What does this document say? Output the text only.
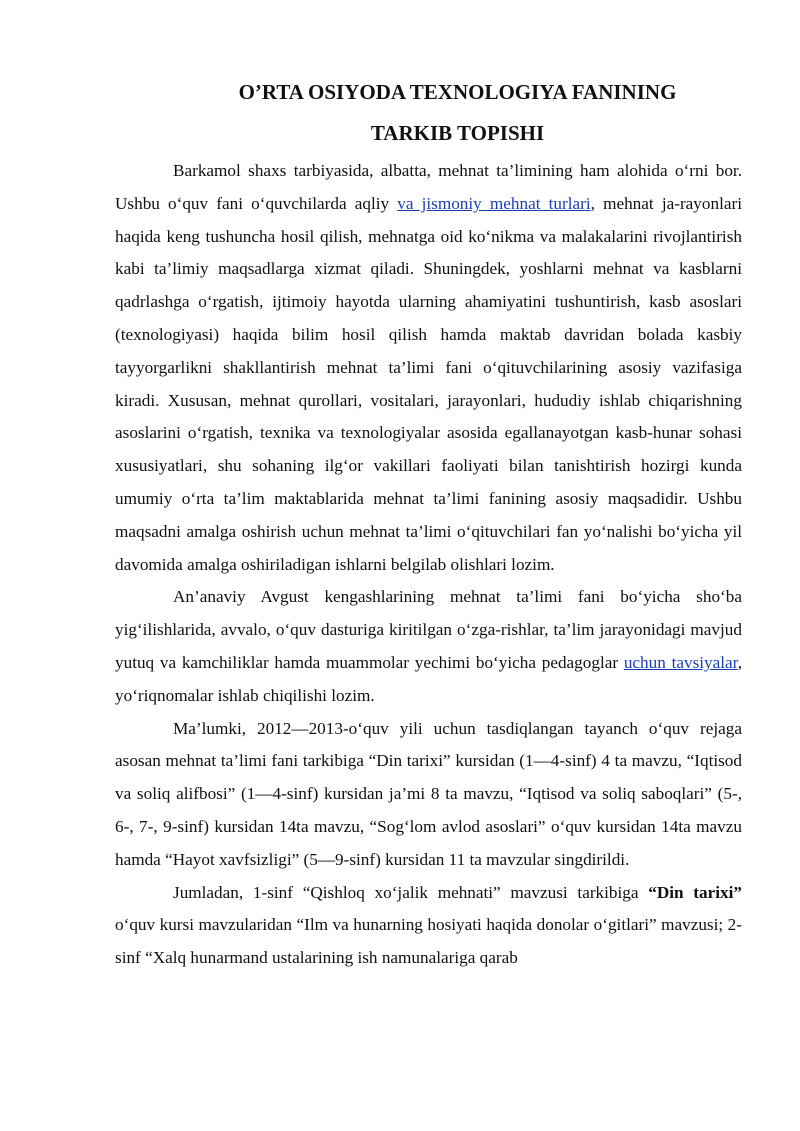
O’RTA OSIYODA TEXNOLOGIYA FANINING
TARKIB TOPISHI

Barkamol shaxs tarbiyasida, albatta, mehnat ta’limining ham alohida o‘rni bor. Ushbu o‘quv fani o‘quvchilarda aqliy va jismoniy mehnat turlari, mehnat ja-rayonlari haqida keng tushuncha hosil qilish, mehnatga oid ko‘nikma va malakalarini rivojlantirish kabi ta’limiy maqsadlarga xizmat qiladi. Shuningdek, yoshlarni mehnat va kasblarni qadrlashga o‘rgatish, ijtimoiy hayotda ularning ahamiyatini tushuntirish, kasb asoslari (texnologiyasi) haqida bilim hosil qilish hamda maktab davridan bolada kasbiy tayyorgarlikni shakllantirish mehnat ta’limi fani o‘qituvchilarining asosiy vazifasiga kiradi. Xususan, mehnat qurollari, vositalari, jarayonlari, hududiy ishlab chiqarishning asoslarini o‘rgatish, texnika va texnologiyalar asosida egallanayotgan kasb-hunar sohasi xususiyatlari, shu sohaning ilg‘or vakillari faoliyati bilan tanishtirish hozirgi kunda umumiy o‘rta ta’lim maktablarida mehnat ta’limi fanining asosiy maqsadidir. Ushbu maqsadni amalga oshirish uchun mehnat ta’limi o‘qituvchilari fan yo‘nalishi bo‘yicha yil davomida amalga oshiriladigan ishlarni belgilab olishlari lozim.

An’anaviy Avgust kengashlarining mehnat ta’limi fani bo‘yicha sho‘ba yig‘ilishlarida, avvalo, o‘quv dasturiga kiritilgan o‘zga-rishlar, ta’lim jarayonidagi mavjud yutuq va kamchiliklar hamda muammolar yechimi bo‘yicha pedagoglar uchun tavsiyalar, yo‘riqnomalar ishlab chiqilishi lozim.

Ma’lumki, 2012—2013-o‘quv yili uchun tasdiqlangan tayanch o‘quv rejaga asosan mehnat ta’limi fani tarkibiga “Din tarixi” kursidan (1—4-sinf) 4 ta mavzu, “Iqtisod va soliq alifbosi” (1—4-sinf) kursidan ja’mi 8 ta mavzu, “Iqtisod va soliq saboqlari” (5-, 6-, 7-, 9-sinf) kursidan 14ta mavzu, “Sog‘lom avlod asoslari” o‘quv kursidan 14ta mavzu hamda “Hayot xavfsizligi” (5—9-sinf) kursidan 11 ta mavzular singdirildi.

Jumladan, 1-sinf “Qishloq xo‘jalik mehnati” mavzusi tarkibiga “Din tarixi” o‘quv kursi mavzularidan “Ilm va hunarning hosiyati haqida donolar o‘gitlari” mavzusi; 2-sinf “Xalq hunarmand ustalarining ish namunalariga qarab
